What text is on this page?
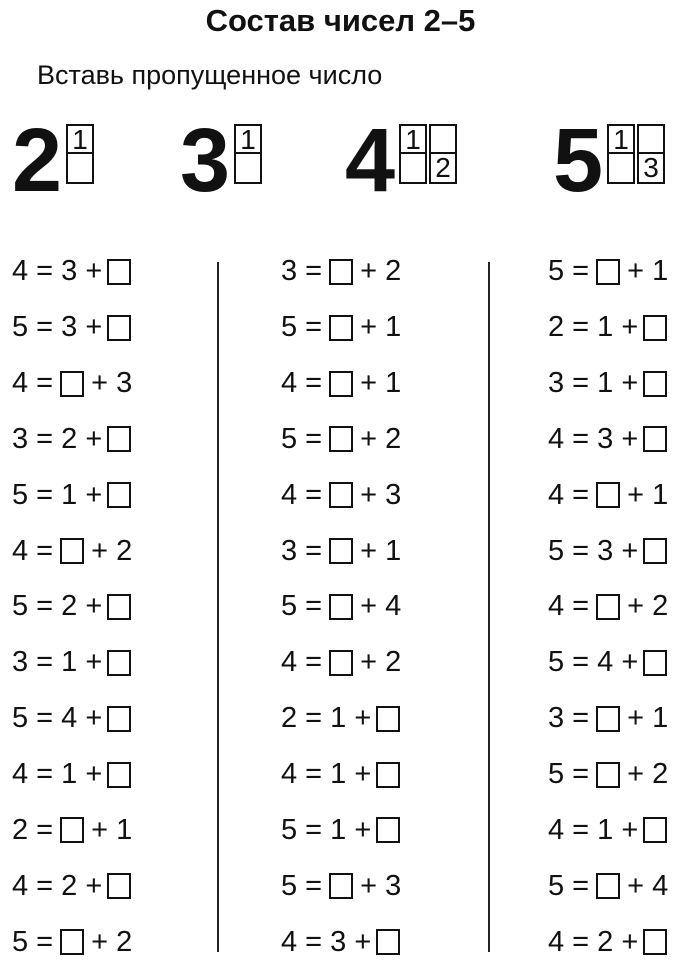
Состав чисел 2–5
Вставь пропущенное число
2 1 3 1 4 1
2 5 1
3
4 = 3 +
5 = 3 +
4 = + 3
3 = 2 +
5 = 1 +
4 = + 2
5 = 2 +
3 = 1 +
5 = 4 +
4 = 1 +
2 = + 1
4 = 2 +
5 = + 2
3 = + 2
5 = + 1
4 = + 1
5 = + 2
4 = + 3
3 = + 1
5 = + 4
4 = + 2
2 = 1 +
4 = 1 +
5 = 1 +
5 = + 3
4 = 3 +
5 = + 1
2 = 1 +
3 = 1 +
4 = 3 +
4 = + 1
5 = 3 +
4 = + 2
5 = 4 +
3 = + 1
5 = + 2
4 = 1 +
5 = + 4
4 = 2 +
